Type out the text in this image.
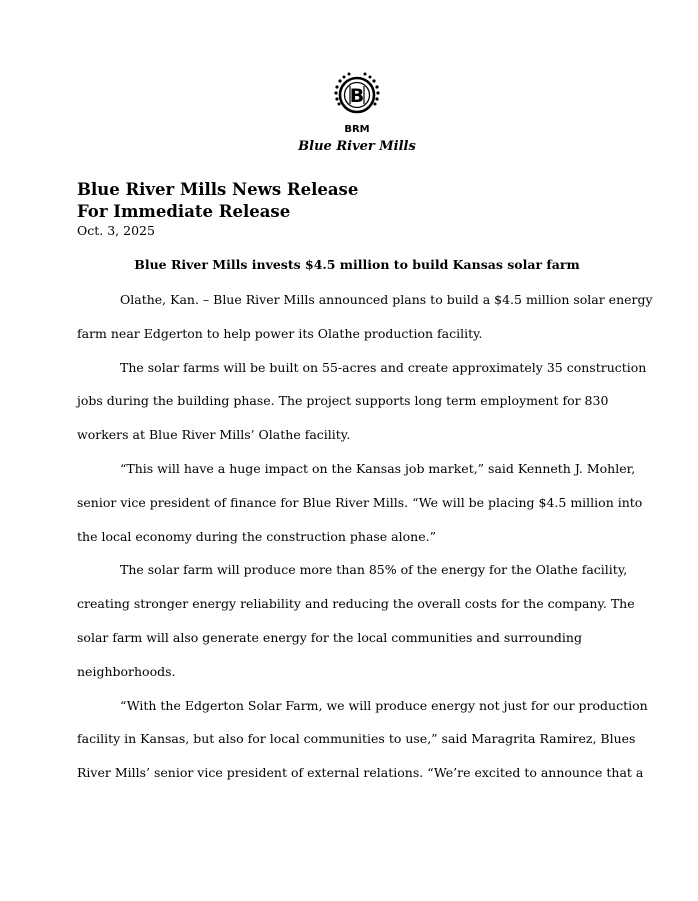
B
BRM
Blue River Mills
Blue River Mills News Release
For Immediate Release
Oct. 3, 2025
Blue River Mills invests $4.5 million to build Kansas solar farm
Olathe, Kan. – Blue River Mills announced plans to build a $4.5 million solar energy
farm near Edgerton to help power its Olathe production facility.
The solar farms will be built on 55-acres and create approximately 35 construction
jobs during the building phase. The project supports long term employment for 830
workers at Blue River Mills’ Olathe facility.
“This will have a huge impact on the Kansas job market,” said Kenneth J. Mohler,
senior vice president of finance for Blue River Mills. “We will be placing $4.5 million into
the local economy during the construction phase alone.”
The solar farm will produce more than 85% of the energy for the Olathe facility,
creating stronger energy reliability and reducing the overall costs for the company. The
solar farm will also generate energy for the local communities and surrounding
neighborhoods.
“With the Edgerton Solar Farm, we will produce energy not just for our production
facility in Kansas, but also for local communities to use,” said Maragrita Ramirez, Blues
River Mills’ senior vice president of external relations. “We’re excited to announce that a
